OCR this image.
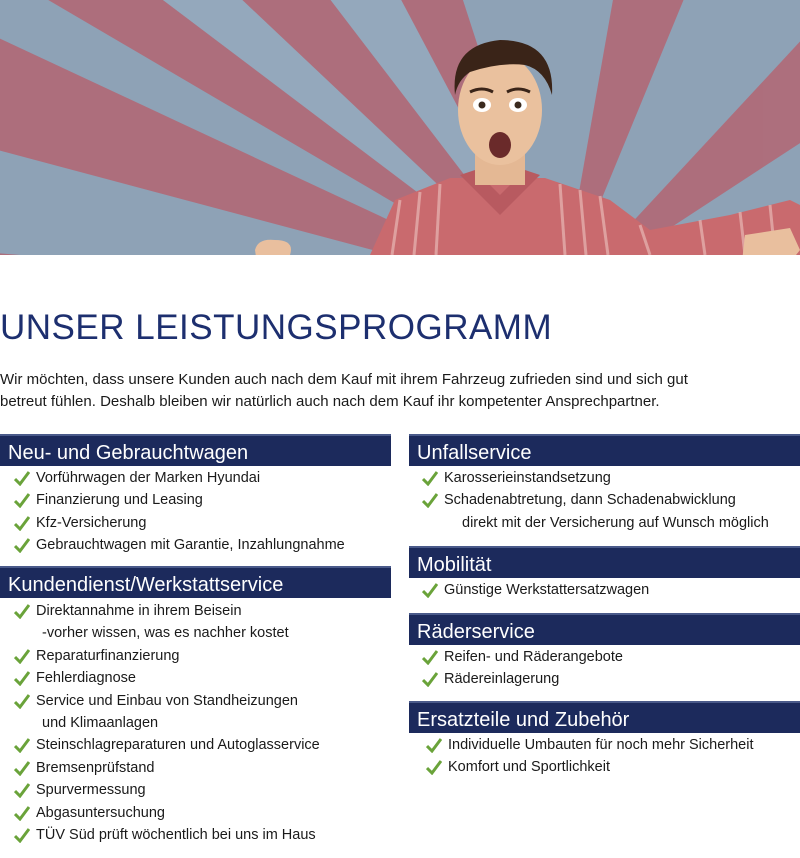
UNSER LEISTUNGSPROGRAMM

Wir möchten, dass unsere Kunden auch nach dem Kauf mit ihrem Fahrzeug zufrieden sind und sich gut
betreut fühlen. Deshalb bleiben wir natürlich auch nach dem Kauf ihr kompetenter Ansprechpartner.

Neu- und Gebrauchtwagen
Vorführwagen der Marken Hyundai
Finanzierung und Leasing
Kfz-Versicherung
Gebrauchtwagen mit Garantie, Inzahlungnahme
Kundendienst/Werkstattservice
Direktannahme in ihrem Beisein
-vorher wissen, was es nachher kostet
Reparaturfinanzierung
Fehlerdiagnose
Service und Einbau von Standheizungen
und Klimaanlagen
Steinschlagreparaturen und Autoglasservice
Bremsenprüfstand
Spurvermessung
Abgasuntersuchung
TÜV Süd prüft wöchentlich bei uns im Haus
Unfallservice
Karosserieinstandsetzung
Schadenabtretung, dann Schadenabwicklung
direkt mit der Versicherung auf Wunsch möglich
Mobilität
Günstige Werkstattersatzwagen
Räderservice
Reifen- und Räderangebote
Rädereinlagerung
Ersatzteile und Zubehör
Individuelle Umbauten für noch mehr Sicherheit
Komfort und Sportlichkeit
